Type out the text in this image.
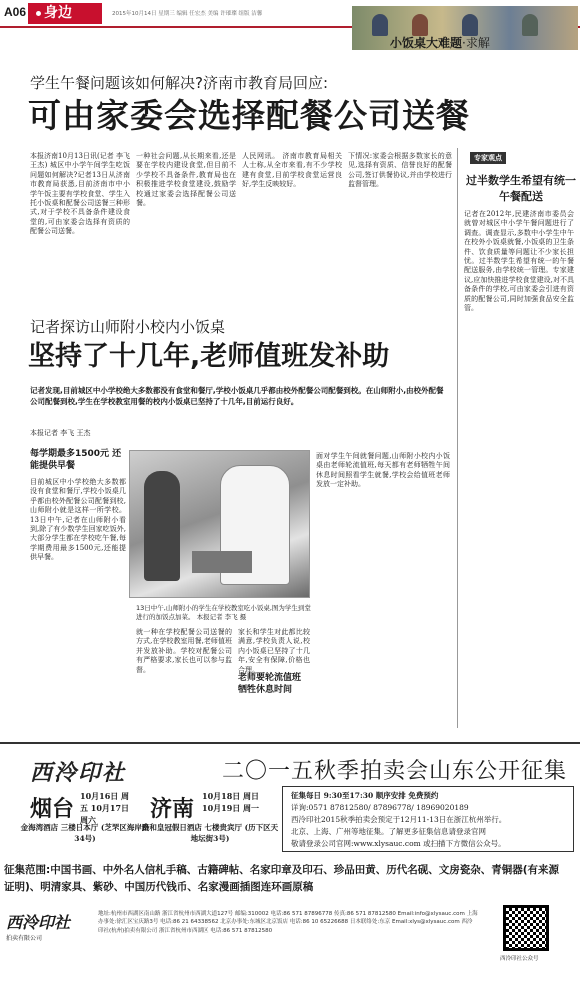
A06	身边	2015年10月14日 星期三 编辑 任宏杰 美编 许璀璨 组版 洁馨
小饭桌大难题·求解
学生午餐问题该如何解决?济南市教育局回应:
可由家委会选择配餐公司送餐
本报济南10月13日讯(记者 李飞 王杰) 城区中小学午间学生吃饭问题如何解决?记者13日从济南市教育局获悉,目前济南市中小学午饭主要有学校食堂、学生入托小饭桌和配餐公司送餐三种形式,对于学校不具备条件建设食堂的,可由家委会选择有资质的配餐公司送餐。
一种社会问题,从长期来看,还是要在学校内建设食堂,但目前不少学校不具备条件,教育局也在积极推进学校食堂建设,鼓励学校通过家委会选择配餐公司送餐。
人民网讯。 济南市教育局相关人士称,从全市来看,有不少学校建有食堂,目前学校食堂运营良好,学生反映较好。
下情况:家委会根据多数家长的意见,选择有资质、信誉良好的配餐公司,签订供餐协议,并由学校进行监督管理。
专家观点
过半数学生希望有统一午餐配送
记者在2012年,民建济南市委员会就曾对城区中小学午餐问题进行了调查。调查显示,多数中小学生中午在校外小饭桌就餐,小饭桌的卫生条件、饮食质量等问题让不少家长担忧。过半数学生希望有统一的午餐配送服务,由学校统一管理。专家建议,应加快推进学校食堂建设,对不具备条件的学校,可由家委会引进有资质的配餐公司,同时加强食品安全监管。
记者探访山师附小校内小饭桌
坚持了十几年,老师值班发补助
记者发现,目前城区中小学校绝大多数都没有食堂和餐厅,学校小饭桌几乎都由校外配餐公司配餐到校。在山师附小,由校外配餐公司配餐到校,学生在学校教室用餐的校内小饭桌已坚持了十几年,目前运行良好。
本报记者 李飞 王杰
每学期最多1500元 还能提供早餐
目前城区中小学校绝大多数都没有食堂和餐厅,学校小饭桌几乎都由校外配餐公司配餐到校,山师附小就是这样一所学校。13日中午,记者在山师附小看到,除了有少数学生回家吃饭外,大部分学生都在学校吃午餐,每学期费用最多1500元,还能提供早餐。
13日中午,山师附小的学生在学校教室吃小饭桌,图为学生到堂进行的加饭点加菜。 本报记者 李飞 摄
就一种在学校配餐公司送餐的方式,在学校教室用餐,老师值班并发放补助。学校对配餐公司有严格要求,家长也可以参与监督。
家长和学生对此都比较满意,学校负责人说,校内小饭桌已坚持了十几年,安全有保障,价格也合理。
老师要轮流值班 牺牲休息时间
面对学生午间就餐问题,山师附小校内小饭桌由老师轮流值班,每天都有老师牺牲午间休息时间照看学生就餐,学校会给值班老师发放一定补助。
西泠印社	二〇一五秋季拍卖会山东公开征集
烟台 10月16日 周五 10月17日 周六
金海湾酒店 三楼日本厅 (芝罘区海岸路34号)
济南 10月18日 周日 10月19日 周一
贵和皇冠假日酒店 七楼贵宾厅 (历下区天地坛街3号)
征集每日 9:30至17:30 顺序安排 免费预约
详询:0571 87812580/ 87896778/ 18969020189
西泠印社2015秋季拍卖会预定于12月11-13日在浙江杭州举行。
北京、上海、广州等地征集。了解更多征集信息请登录官网
敬请登录公司官网:www.xlysauc.com 或扫描下方微信公众号。
征集范围:中国书画、中外名人信札手稿、古籍碑帖、名家印章及印石、珍品田黄、历代名砚、文房瓷杂、青铜器(有来源证明)、明清家具、紫砂、中国历代钱币、名家漫画插图连环画原稿
西泠印社
拍卖有限公司
地址:杭州市西湖区南山路 浙江省杭州市西湖大道127号 邮编:310002 电话:86 571 87896778 传真:86 571 87812580 Email:info@xlysauc.com 上海办事处:徐汇区宝庆路3号 电话:86 21 64338562 北京办事处:东城区北京饭店 电话:86 10 65226688 日本联络处:东京 Email:xlys@xlysauc.com 西泠印社(杭州)拍卖有限公司 浙江省杭州市西湖区 电话:86 571 87812580
西泠印社公众号
